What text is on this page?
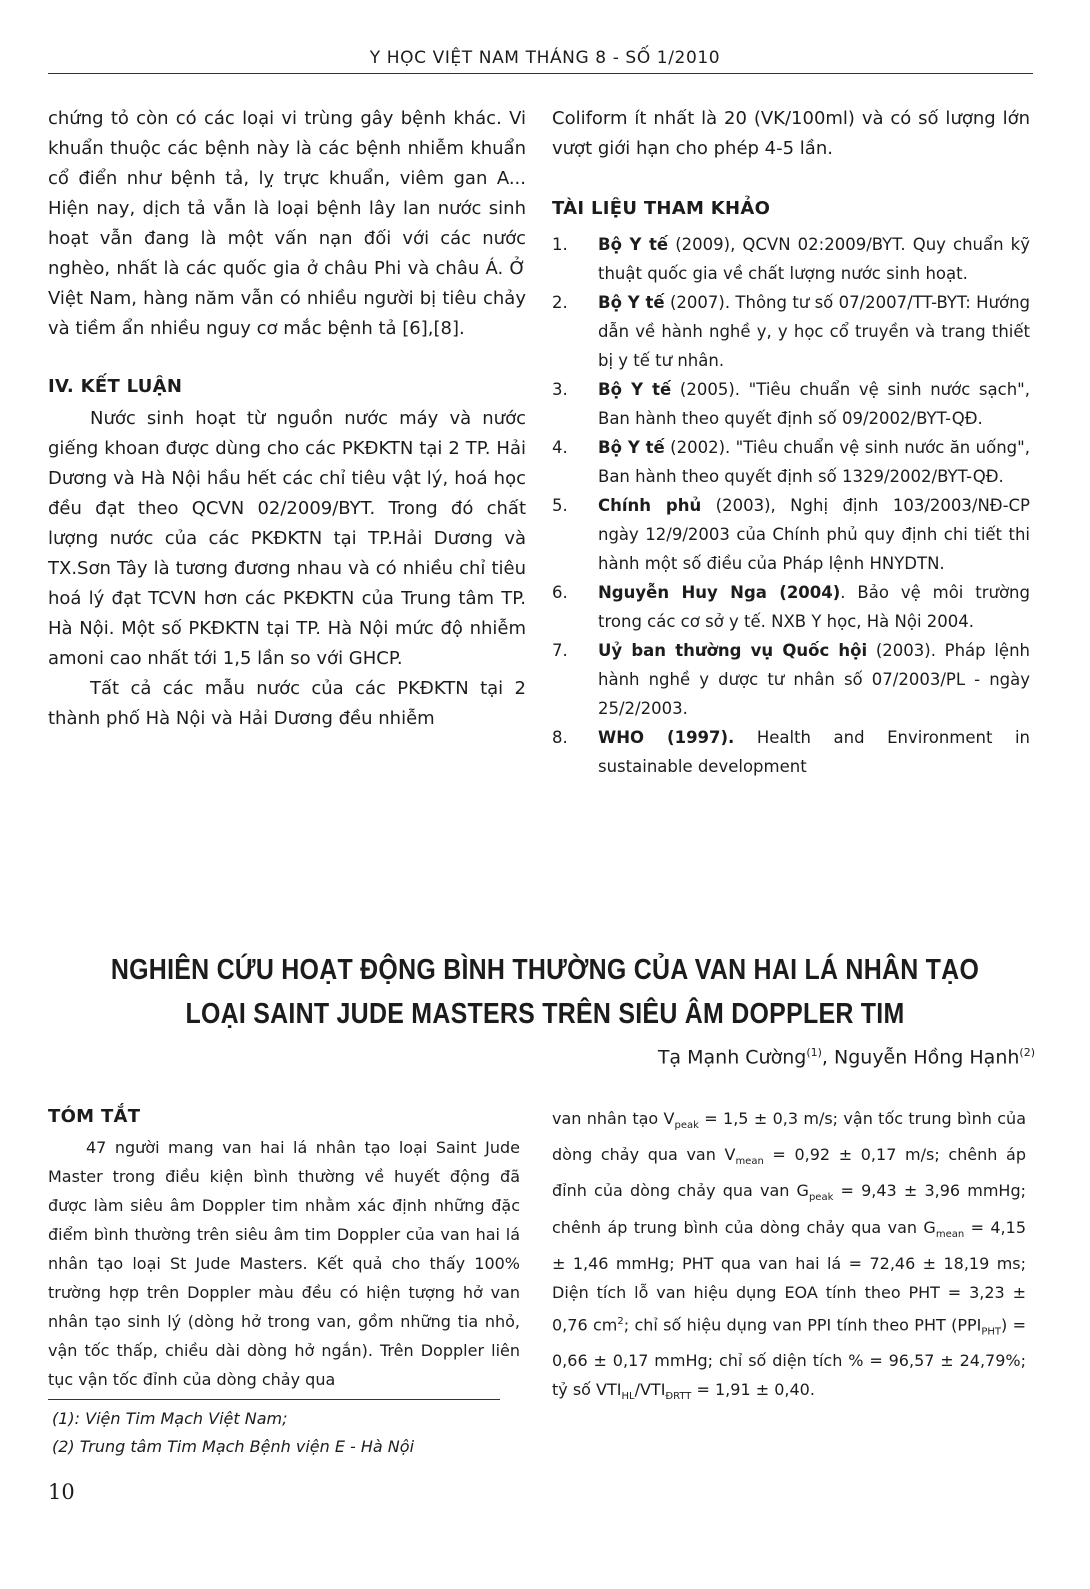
Y HỌC VIỆT NAM THÁNG 8 - SỐ 1/2010

chứng tỏ còn có các loại vi trùng gây bệnh khác. Vi khuẩn thuộc các bệnh này là các bệnh nhiễm khuẩn cổ điển như bệnh tả, lỵ trực khuẩn, viêm gan A... Hiện nay, dịch tả vẫn là loại bệnh lây lan nước sinh hoạt vẫn đang là một vấn nạn đối với các nước nghèo, nhất là các quốc gia ở châu Phi và châu Á. Ở Việt Nam, hàng năm vẫn có nhiều người bị tiêu chảy và tiềm ẩn nhiều nguy cơ mắc bệnh tả [6],[8].

IV. KẾT LUẬN

Nước sinh hoạt từ nguồn nước máy và nước giếng khoan được dùng cho các PKĐKTN tại 2 TP. Hải Dương và Hà Nội hầu hết các chỉ tiêu vật lý, hoá học đều đạt theo QCVN 02/2009/BYT. Trong đó chất lượng nước của các PKĐKTN tại TP.Hải Dương và TX.Sơn Tây là tương đương nhau và có nhiều chỉ tiêu hoá lý đạt TCVN hơn các PKĐKTN của Trung tâm TP. Hà Nội. Một số PKĐKTN tại TP. Hà Nội mức độ nhiễm amoni cao nhất tới 1,5 lần so với GHCP.

Tất cả các mẫu nước của các PKĐKTN tại 2 thành phố Hà Nội và Hải Dương đều nhiễm

Coliform ít nhất là 20 (VK/100ml) và có số lượng lớn vượt giới hạn cho phép 4-5 lần.

TÀI LIỆU THAM KHẢO

1.	Bộ Y tế (2009), QCVN 02:2009/BYT. Quy chuẩn kỹ thuật quốc gia về chất lượng nước sinh hoạt.
2.	Bộ Y tế (2007). Thông tư số 07/2007/TT-BYT: Hướng dẫn về hành nghề y, y học cổ truyền và trang thiết bị y tế tư nhân.
3.	Bộ Y tế (2005). "Tiêu chuẩn vệ sinh nước sạch", Ban hành theo quyết định số 09/2002/BYT-QĐ.
4.	Bộ Y tế (2002). "Tiêu chuẩn vệ sinh nước ăn uống", Ban hành theo quyết định số 1329/2002/BYT-QĐ.
5.	Chính phủ (2003), Nghị định 103/2003/NĐ-CP ngày 12/9/2003 của Chính phủ quy định chi tiết thi hành một số điều của Pháp lệnh HNYDTN.
6.	Nguyễn Huy Nga (2004). Bảo vệ môi trường trong các cơ sở y tế. NXB Y học, Hà Nội 2004.
7.	Uỷ ban thường vụ Quốc hội (2003). Pháp lệnh hành nghề y dược tư nhân số 07/2003/PL - ngày 25/2/2003.
8.	WHO (1997). Health and Environment in sustainable development
NGHIÊN CỨU HOẠT ĐỘNG BÌNH THƯỜNG CỦA VAN HAI LÁ NHÂN TẠO
LOẠI SAINT JUDE MASTERS TRÊN SIÊU ÂM DOPPLER TIM
Tạ Mạnh Cường$^{(1)}$, Nguyễn Hồng Hạnh$^{(2)}$

TÓM TẮT

47 người mang van hai lá nhân tạo loại Saint Jude Master trong điều kiện bình thường về huyết động đã được làm siêu âm Doppler tim nhằm xác định những đặc điểm bình thường trên siêu âm tim Doppler của van hai lá nhân tạo loại St Jude Masters. Kết quả cho thấy 100% trường hợp trên Doppler màu đều có hiện tượng hở van nhân tạo sinh lý (dòng hở trong van, gồm những tia nhỏ, vận tốc thấp, chiều dài dòng hở ngắn). Trên Doppler liên tục vận tốc đỉnh của dòng chảy qua

van nhân tạo $V_{peak} = 1,5 \pm 0,3$ m/s; vận tốc trung bình của dòng chảy qua van $V_{mean} = 0,92 \pm 0,17$ m/s; chênh áp đỉnh của dòng chảy qua van $G_{peak} = 9,43 \pm 3,96$ mmHg; chênh áp trung bình của dòng chảy qua van $G_{mean} = 4,15 \pm 1,46$ mmHg; PHT qua van hai lá = 72,46 ± 18,19 ms; Diện tích lỗ van hiệu dụng EOA tính theo PHT = 3,23 ± 0,76 $cm^2$; chỉ số hiệu dụng van PPI tính theo PHT $(PPI_{PHT}) = 0,66 \pm 0,17$ mmHg; chỉ số diện tích % = 96,57 ± 24,79%; tỷ số $VTI_{HL}/VTI_{ĐRTT} = 1,91 \pm 0,40$.

(1): Viện Tim Mạch Việt Nam;
(2) Trung tâm Tim Mạch Bệnh viện E - Hà Nội
10
